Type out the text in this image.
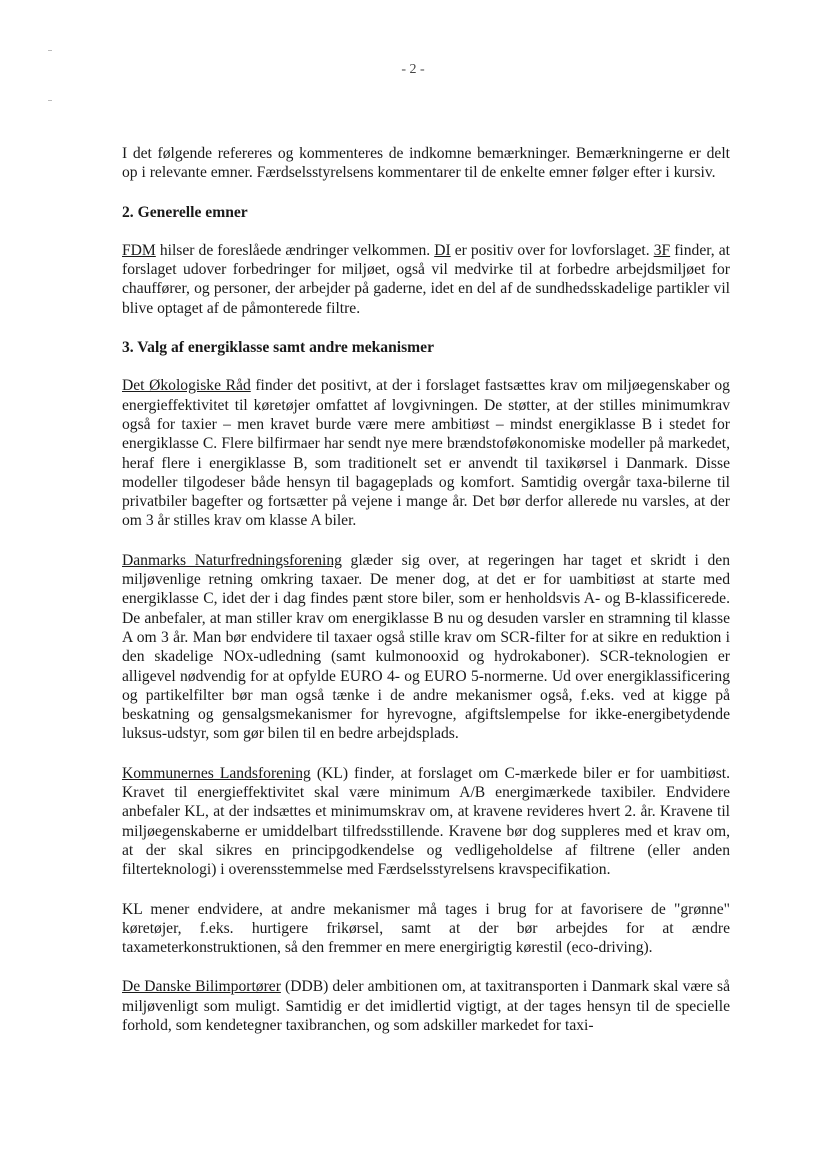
- 2 -

I det følgende refereres og kommenteres de indkomne bemærkninger. Bemærkningerne er delt op i relevante emner. Færdselsstyrelsens kommentarer til de enkelte emner følger efter i kursiv.

2. Generelle emner

FDM hilser de foreslåede ændringer velkommen. DI er positiv over for lovforslaget. 3F finder, at forslaget udover forbedringer for miljøet, også vil medvirke til at forbedre arbejdsmiljøet for chauffører, og personer, der arbejder på gaderne, idet en del af de sundhedsskadelige partikler vil blive optaget af de påmonterede filtre.

3. Valg af energiklasse samt andre mekanismer

Det Økologiske Råd finder det positivt, at der i forslaget fastsættes krav om miljøegenskaber og energieffektivitet til køretøjer omfattet af lovgivningen. De støtter, at der stilles minimumkrav også for taxier – men kravet burde være mere ambitiøst – mindst energiklasse B i stedet for energiklasse C. Flere bilfirmaer har sendt nye mere brændstoføkonomiske modeller på markedet, heraf flere i energiklasse B, som traditionelt set er anvendt til taxikørsel i Danmark. Disse modeller tilgodeser både hensyn til bagageplads og komfort. Samtidig overgår taxa-bilerne til privatbiler bagefter og fortsætter på vejene i mange år. Det bør derfor allerede nu varsles, at der om 3 år stilles krav om klasse A biler.

Danmarks Naturfredningsforening glæder sig over, at regeringen har taget et skridt i den miljøvenlige retning omkring taxaer. De mener dog, at det er for uambitiøst at starte med energiklasse C, idet der i dag findes pænt store biler, som er henholdsvis A- og B-klassificerede. De anbefaler, at man stiller krav om energiklasse B nu og desuden varsler en stramning til klasse A om 3 år. Man bør endvidere til taxaer også stille krav om SCR-filter for at sikre en reduktion i den skadelige NOx-udledning (samt kulmonooxid og hydrokaboner). SCR-teknologien er alligevel nødvendig for at opfylde EURO 4- og EURO 5-normerne. Ud over energiklassificering og partikelfilter bør man også tænke i de andre mekanismer også, f.eks. ved at kigge på beskatning og gensalgsmekanismer for hyrevogne, afgiftslempelse for ikke-energibetydende luksus-udstyr, som gør bilen til en bedre arbejdsplads.

Kommunernes Landsforening (KL) finder, at forslaget om C-mærkede biler er for uambitiøst. Kravet til energieffektivitet skal være minimum A/B energimærkede taxibiler. Endvidere anbefaler KL, at der indsættes et minimumskrav om, at kravene revideres hvert 2. år. Kravene til miljøegenskaberne er umiddelbart tilfredsstillende. Kravene bør dog suppleres med et krav om, at der skal sikres en principgodkendelse og vedligeholdelse af filtrene (eller anden filterteknologi) i overensstemmelse med Færdselsstyrelsens kravspecifikation.

KL mener endvidere, at andre mekanismer må tages i brug for at favorisere de "grønne" køretøjer, f.eks. hurtigere frikørsel, samt at der bør arbejdes for at ændre taxameterkonstruktionen, så den fremmer en mere energirigtig kørestil (eco-driving).

De Danske Bilimportører (DDB) deler ambitionen om, at taxitransporten i Danmark skal være så miljøvenligt som muligt. Samtidig er det imidlertid vigtigt, at der tages hensyn til de specielle forhold, som kendetegner taxibranchen, og som adskiller markedet for taxi-
